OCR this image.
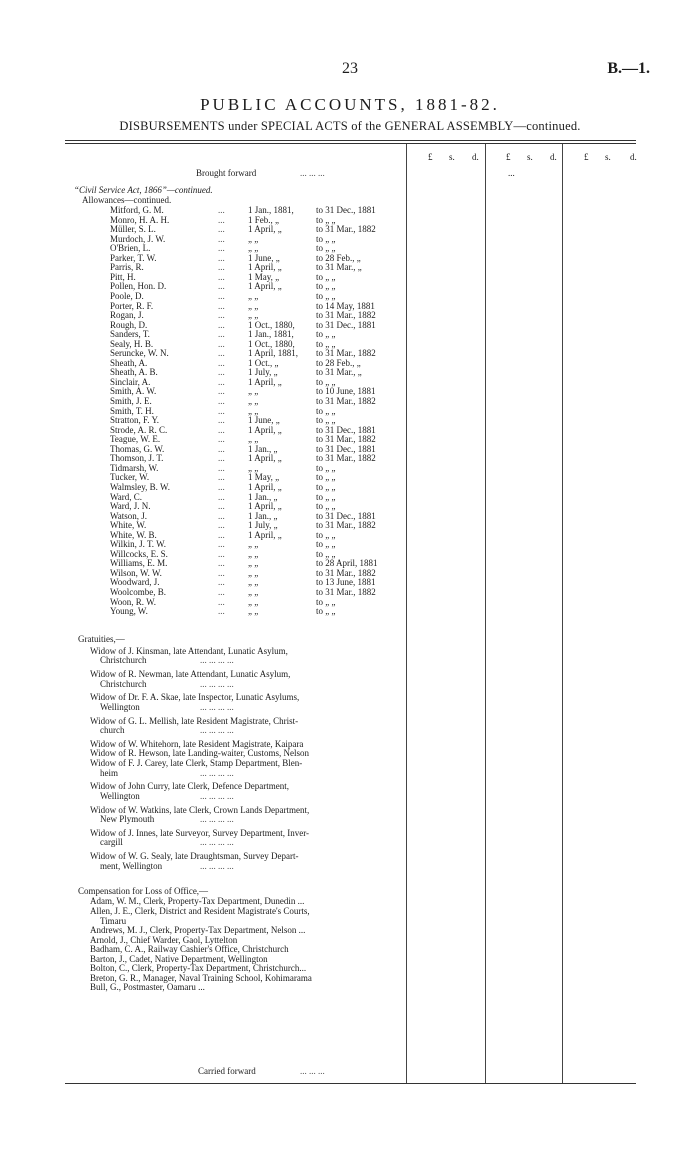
23	B.—1.
PUBLIC ACCOUNTS, 1881-82.
DISBURSEMENTS under SPECIAL ACTS of the GENERAL ASSEMBLY—continued.
£ s. d.	£ s. d.	£ s. d.
Brought forward	... ... ...	...
“Civil Service Act, 1866”—continued.
Allowances—continued.
Mitford, G. M.	...	1 Jan., 1881, to 31 Dec., 1881
Monro, H. A. H.	...	1 Feb., „	to „ „
Müller, S. L.	...	1 April, „	to 31 Mar., 1882
Murdoch, J. W.	...	„ „	to „ „
O'Brien, L.	...	„ „	to „ „
Parker, T. W.	...	1 June, „	to 28 Feb., „
Parris, R.	...	1 April, „	to 31 Mar., „
Pitt, H.	...	1 May, „	to „ „
Pollen, Hon. D.	...	1 April, „	to „ „
Poole, D.	...	„ „	to „ „
Porter, R. F.	...	„ „	to 14 May, 1881
Rogan, J.	...	„ „	to 31 Mar., 1882
Rough, D.	...	1 Oct., 1880, to 31 Dec., 1881
Sanders, T.	...	1 Jan., 1881, to „ „
Sealy, H. B.	...	1 Oct., 1880, to „ „
Seruncke, W. N.	...	1 April, 1881, to 31 Mar., 1882
Sheath, A.	...	1 Oct., „	to 28 Feb., „
Sheath, A. B.	...	1 July, „	to 31 Mar., „
Sinclair, A.	...	1 April, „	to „ „
Smith, A. W.	...	„ „	to 10 June, 1881
Smith, J. E.	...	„ „	to 31 Mar., 1882
Smith, T. H.	...	„ „	to „ „
Stratton, F. Y.	...	1 June, „	to „ „
Strode, A. R. C.	...	1 April, „	to 31 Dec., 1881
Teague, W. E.	...	„ „	to 31 Mar., 1882
Thomas, G. W.	...	1 Jan., „	to 31 Dec., 1881
Thomson, J. T.	...	1 April, „	to 31 Mar., 1882
Tidmarsh, W.	...	„ „	to „ „
Tucker, W.	...	1 May, „	to „ „
Walmsley, B. W.	...	1 April, „	to „ „
Ward, C.	...	1 Jan., „	to „ „
Ward, J. N.	...	1 April, „	to „ „
Watson, J.	...	1 Jan., „	to 31 Dec., 1881
White, W.	...	1 July, „	to 31 Mar., 1882
White, W. B.	...	1 April, „	to „ „
Wilkin, J. T. W.	...	„ „	to „ „
Willcocks, E. S.	...	„ „	to „ „
Williams, E. M.	...	„ „	to 28 April, 1881
Wilson, W. W.	...	„ „	to 31 Mar., 1882
Woodward, J.	...	„ „	to 13 June, 1881
Woolcombe, B.	...	„ „	to 31 Mar., 1882
Woon, R. W.	...	„ „	to „ „
Young, W.	...	„ „	to „ „
Gratuities,—
Widow of J. Kinsman, late Attendant, Lunatic Asylum,
Christchurch	... ... ... ...
Widow of R. Newman, late Attendant, Lunatic Asylum,
Christchurch	... ... ... ...
Widow of Dr. F. A. Skae, late Inspector, Lunatic Asylums,
Wellington	... ... ... ...
Widow of G. L. Mellish, late Resident Magistrate, Christ-
church	... ... ... ...
Widow of W. Whitehorn, late Resident Magistrate, Kaipara
Widow of R. Hewson, late Landing-waiter, Customs, Nelson
Widow of F. J. Carey, late Clerk, Stamp Department, Blen-
heim	... ... ... ...
Widow of John Curry, late Clerk, Defence Department,
Wellington	... ... ... ...
Widow of W. Watkins, late Clerk, Crown Lands Department,
New Plymouth	... ... ... ...
Widow of J. Innes, late Surveyor, Survey Department, Inver-
cargill	... ... ... ...
Widow of W. G. Sealy, late Draughtsman, Survey Depart-
ment, Wellington	... ... ... ...
Compensation for Loss of Office,—
Adam, W. M., Clerk, Property-Tax Department, Dunedin ...
Allen, J. E., Clerk, District and Resident Magistrate's Courts,
Timaru
Andrews, M. J., Clerk, Property-Tax Department, Nelson ...
Arnold, J., Chief Warder, Gaol, Lyttelton
Badham, C. A., Railway Cashier's Office, Christchurch
Barton, J., Cadet, Native Department, Wellington
Bolton, C., Clerk, Property-Tax Department, Christchurch...
Breton, G. R., Manager, Naval Training School, Kohimarama
Bull, G., Postmaster, Oamaru ...
Carried forward	... ... ...
